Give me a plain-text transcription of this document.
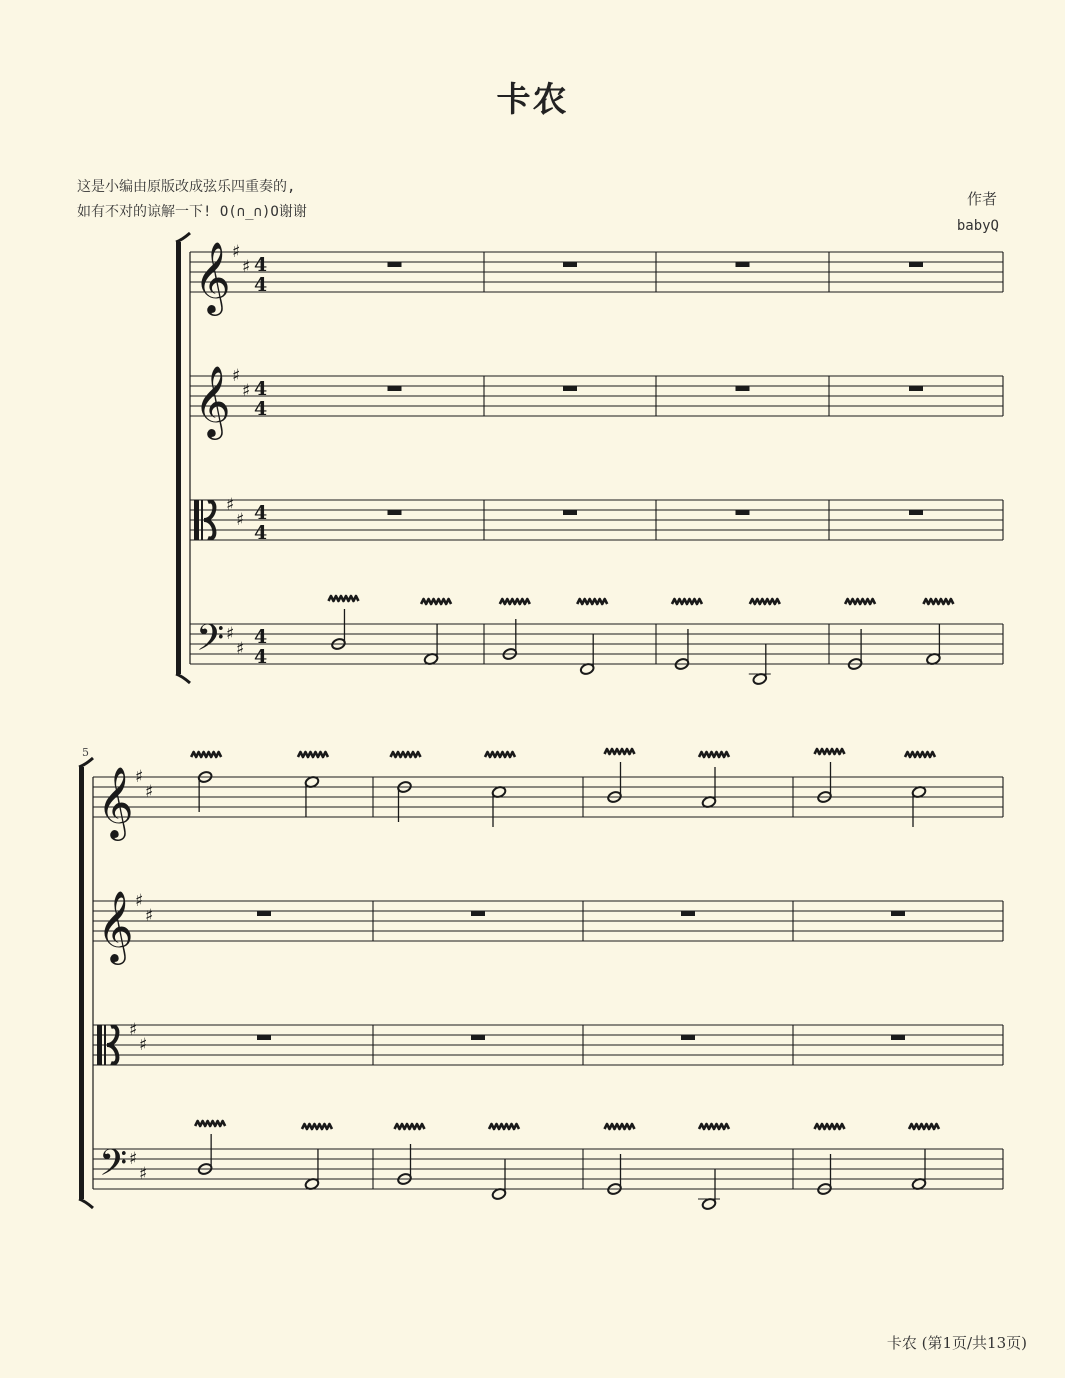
卡农
这是小编由原版改成弦乐四重奏的,
如有不对的谅解一下! O(∩_∩)O谢谢
作者
babyQ
5
卡农 (第1页/共13页)
𝄞 ♯
♯ 4
4
𝄞 ♯
♯ 4
4
♯
♯ 4
4
𝄢 ♯
♯
4
4
𝄞 ♯
♯
𝄞 ♯
♯
♯
♯
𝄢 ♯
♯
